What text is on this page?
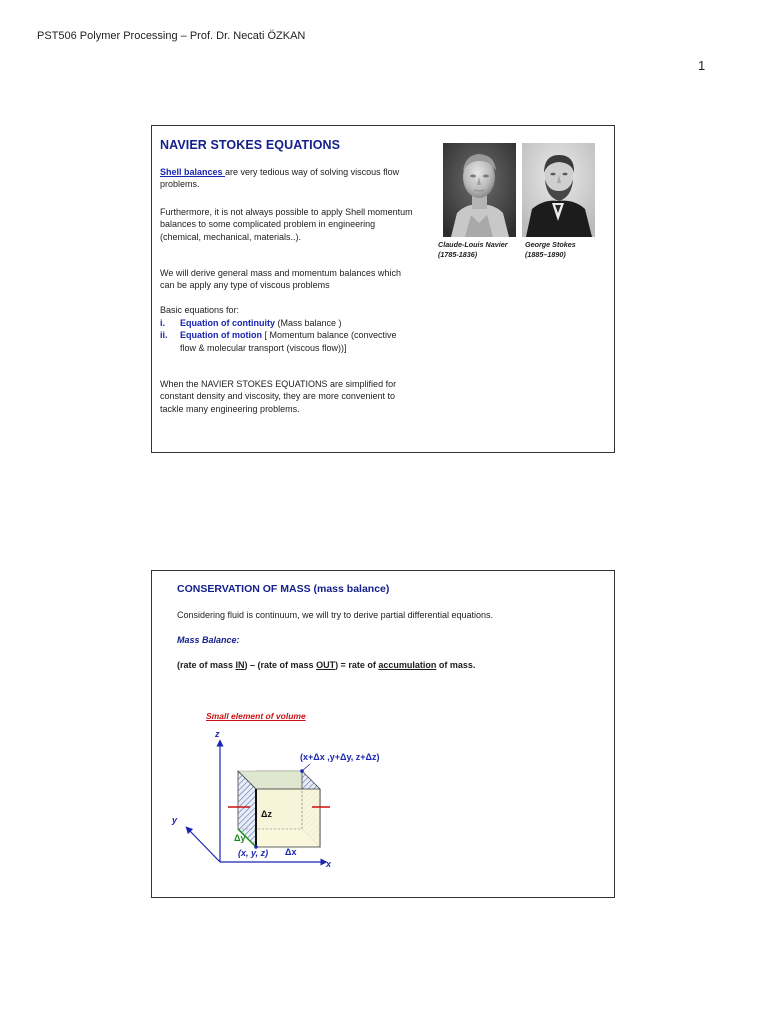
PST506 Polymer Processing – Prof. Dr. Necati ÖZKAN
1
NAVIER STOKES EQUATIONS
Shell balances are very tedious way of solving viscous flow problems.
Furthermore, it is not always possible to apply Shell momentum balances to some complicated problem in engineering (chemical, mechanical, materials..).
We will derive general mass and momentum balances which can be apply any type of viscous problems
Basic equations for:
i.	Equation of continuity (Mass balance )
ii.	Equation of motion [ Momentum balance (convective flow & molecular transport (viscous flow))]
When the NAVIER STOKES EQUATIONS are simplified for constant density and viscosity, they are more convenient to tackle many engineering problems.
Claude-Louis Navier
(1785-1836)
George Stokes
(1885–1890)
CONSERVATION OF MASS (mass balance)
Considering fluid is continuum, we will try to derive partial differential equations.
Mass Balance:
(rate of mass IN) – (rate of mass OUT) = rate of accumulation of mass.
Small element of volume
z
y
x
(x+Δx ,y+Δy, z+Δz)
(x, y, z)
Δz
Δy
Δx
